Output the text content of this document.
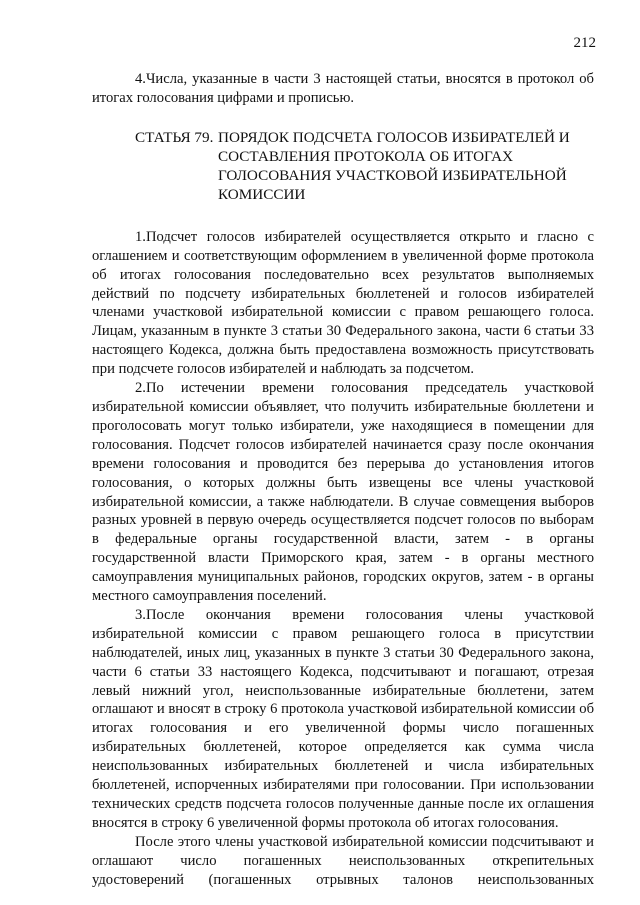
212

4.Числа, указанные в части 3 настоящей статьи, вносятся в протокол об итогах голосования цифрами и прописью.

СТАТЬЯ 79. ПОРЯДОК ПОДСЧЕТА ГОЛОСОВ ИЗБИРАТЕЛЕЙ И СОСТАВЛЕНИЯ ПРОТОКОЛА ОБ ИТОГАХ ГОЛОСОВАНИЯ УЧАСТКОВОЙ ИЗБИРАТЕЛЬНОЙ КОМИССИИ

1.Подсчет голосов избирателей осуществляется открыто и гласно с оглашением и соответствующим оформлением в увеличенной форме протокола об итогах голосования последовательно всех результатов выполняемых действий по подсчету избирательных бюллетеней и голосов избирателей членами участковой избирательной комиссии с правом решающего голоса. Лицам, указанным в пункте 3 статьи 30 Федерального закона, части 6 статьи 33 настоящего Кодекса, должна быть предоставлена возможность присутствовать при подсчете голосов избирателей и наблюдать за подсчетом.

2.По истечении времени голосования председатель участковой избирательной комиссии объявляет, что получить избирательные бюллетени и проголосовать могут только избиратели, уже находящиеся в помещении для голосования. Подсчет голосов избирателей начинается сразу после окончания времени голосования и проводится без перерыва до установления итогов голосования, о которых должны быть извещены все члены участковой избирательной комиссии, а также наблюдатели. В случае совмещения выборов разных уровней в первую очередь осуществляется подсчет голосов по выборам в федеральные органы государственной власти, затем - в органы государственной власти Приморского края, затем - в органы местного самоуправления муниципальных районов, городских округов, затем - в органы местного самоуправления поселений.

3.После окончания времени голосования члены участковой избирательной комиссии с правом решающего голоса в присутствии наблюдателей, иных лиц, указанных в пункте 3 статьи 30 Федерального закона, части 6 статьи 33 настоящего Кодекса, подсчитывают и погашают, отрезая левый нижний угол, неиспользованные избирательные бюллетени, затем оглашают и вносят в строку 6 протокола участковой избирательной комиссии об итогах голосования и его увеличенной формы число погашенных избирательных бюллетеней, которое определяется как сумма числа неиспользованных избирательных бюллетеней и числа избирательных бюллетеней, испорченных избирателями при голосовании. При использовании технических средств подсчета голосов полученные данные после их оглашения вносятся в строку 6 увеличенной формы протокола об итогах голосования.

После этого члены участковой избирательной комиссии подсчитывают и оглашают число погашенных неиспользованных открепительных удостоверений (погашенных отрывных талонов неиспользованных
